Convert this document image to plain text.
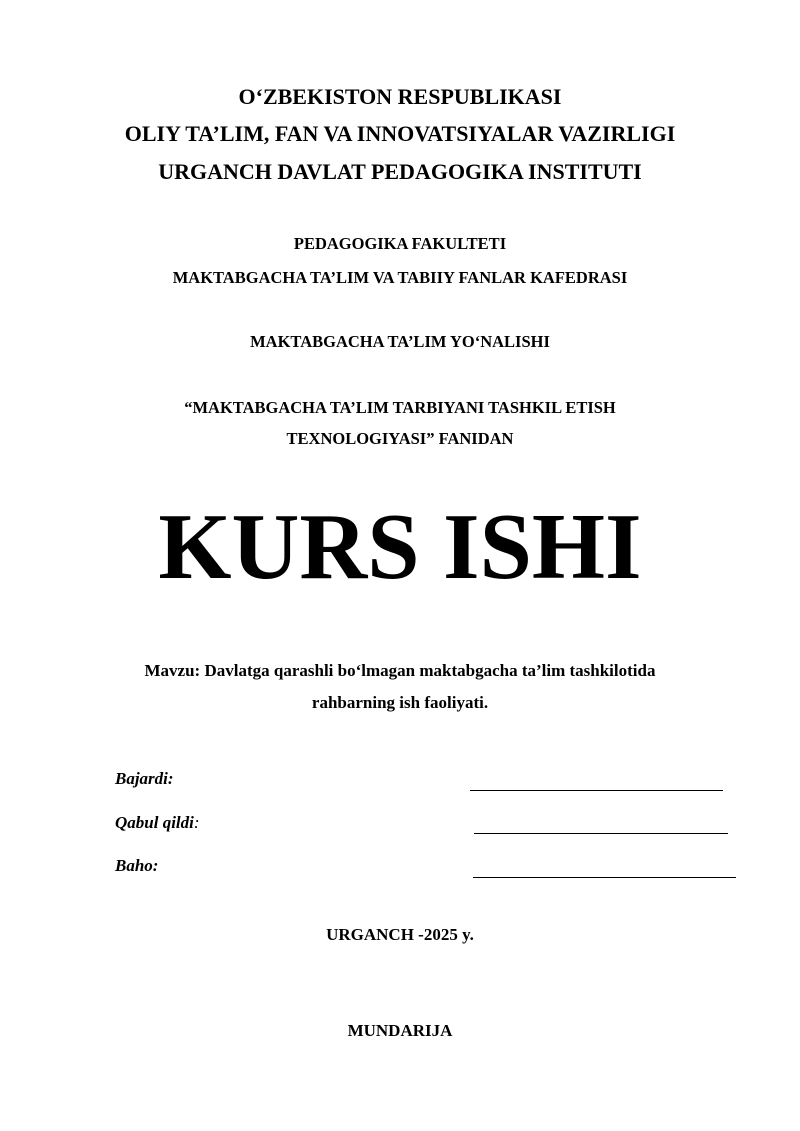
O‘ZBEKISTON RESPUBLIKASI
OLIY TA’LIM, FAN VA INNOVATSIYALAR VAZIRLIGI
URGANCH DAVLAT PEDAGOGIKA INSTITUTI
PEDAGOGIKA FAKULTETI
MAKTABGACHA TA’LIM VA TABIIY FANLAR KAFEDRASI
MAKTABGACHA TA’LIM YO‘NALISHI
“MAKTABGACHA TA’LIM TARBIYANI TASHKIL ETISH
TEXNOLOGIYASI” FANIDAN
KURS ISHI
Mavzu: Davlatga qarashli bo‘lmagan maktabgacha ta’lim tashkilotida
rahbarning ish faoliyati.
Bajardi:
Qabul qildi:
Baho:
URGANCH -2025 y.
MUNDARIJA
